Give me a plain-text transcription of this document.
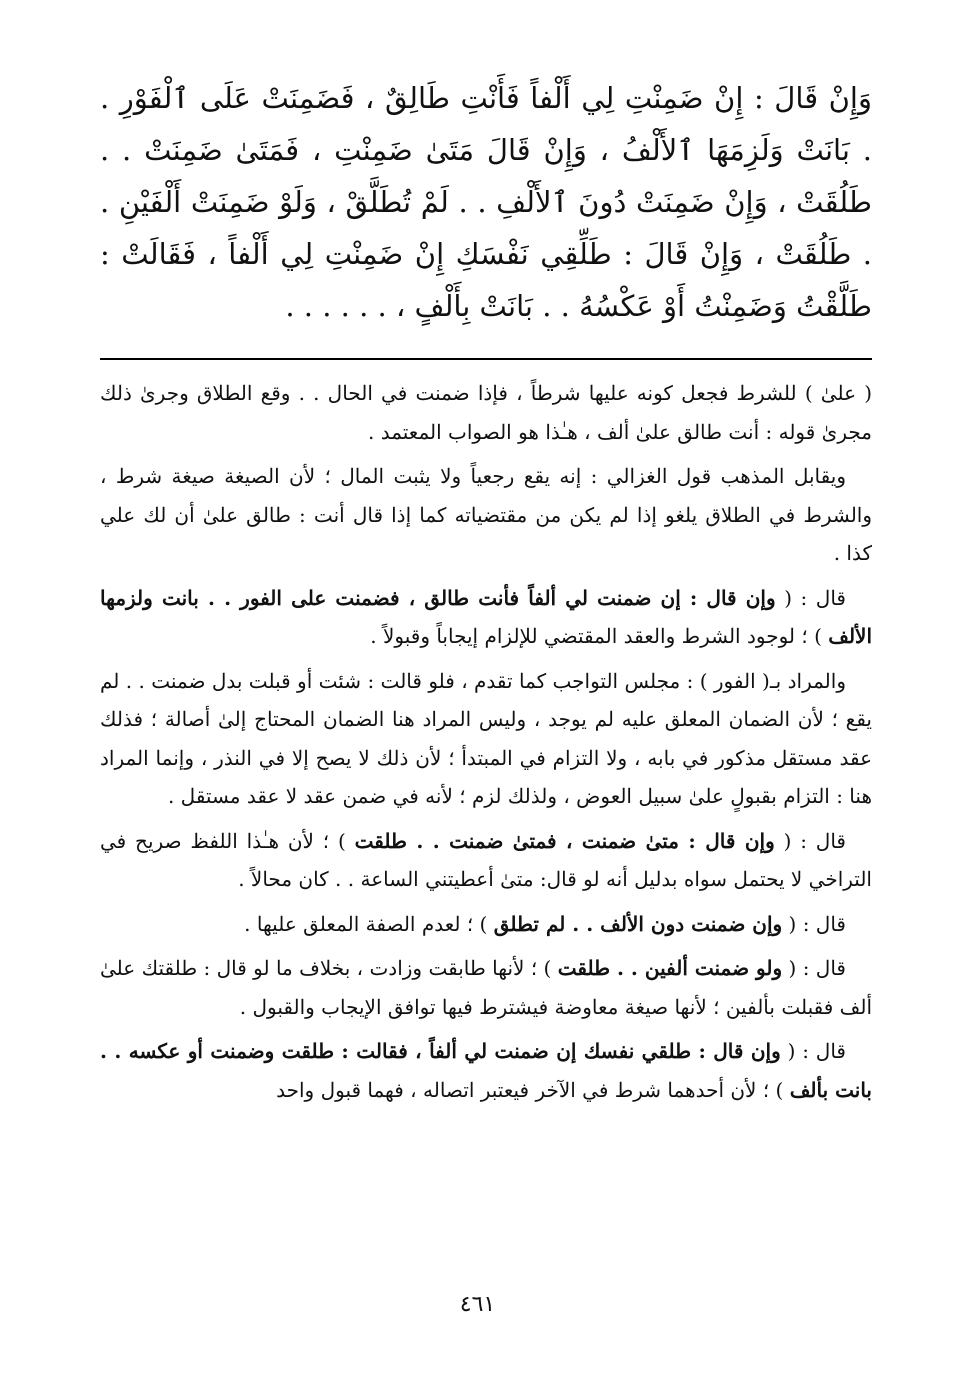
وَإِنْ قَالَ : إِنْ ضَمِنْتِ لِي أَلْفاً فَأَنْتِ طَالِقٌ ، فَضَمِنَتْ عَلَى ٱلْفَوْرِ . . بَانَتْ وَلَزِمَهَا ٱلأَلْفُ ، وَإِنْ قَالَ مَتَىٰ ضَمِنْتِ ، فَمَتَىٰ ضَمِنَتْ . . طَلُقَتْ ، وَإِنْ ضَمِنَتْ دُونَ ٱلأَلْفِ . . لَمْ تُطَلَّقْ ، وَلَوْ ضَمِنَتْ أَلْفَيْنِ . . طَلُقَتْ ، وَإِنْ قَالَ : طَلِّقِي نَفْسَكِ إِنْ ضَمِنْتِ لِي أَلْفاً ، فَقَالَتْ : طَلَّقْتُ وَضَمِنْتُ أَوْ عَكْسُهُ . . بَانَتْ بِأَلْفٍ ، . . . . . .

( علىٰ ) للشرط فجعل كونه عليها شرطاً ، فإذا ضمنت في الحال . . وقع الطلاق وجرىٰ ذلك مجرىٰ قوله : أنت طالق علىٰ ألف ، هـٰذا هو الصواب المعتمد .

ويقابل المذهب قول الغزالي : إنه يقع رجعياً ولا يثبت المال ؛ لأن الصيغة صيغة شرط ، والشرط في الطلاق يلغو إذا لم يكن من مقتضياته كما إذا قال أنت : طالق علىٰ أن لك علي كذا .

قال : ( وإن قال : إن ضمنت لي ألفاً فأنت طالق ، فضمنت على الفور . . بانت ولزمها الألف ) ؛ لوجود الشرط والعقد المقتضي للإلزام إيجاباً وقبولاً .

والمراد بـ( الفور ) : مجلس التواجب كما تقدم ، فلو قالت : شئت أو قبلت بدل ضمنت . . لم يقع ؛ لأن الضمان المعلق عليه لم يوجد ، وليس المراد هنا الضمان المحتاج إلىٰ أصالة ؛ فذلك عقد مستقل مذكور في بابه ، ولا التزام في المبتدأ ؛ لأن ذلك لا يصح إلا في النذر ، وإنما المراد هنا : التزام بقبولٍ علىٰ سبيل العوض ، ولذلك لزم ؛ لأنه في ضمن عقد لا عقد مستقل .

قال : ( وإن قال : متىٰ ضمنت ، فمتىٰ ضمنت . . طلقت ) ؛ لأن هـٰذا اللفظ صريح في التراخي لا يحتمل سواه بدليل أنه لو قال: متىٰ أعطيتني الساعة . . كان محالاً .

قال : ( وإن ضمنت دون الألف . . لم تطلق ) ؛ لعدم الصفة المعلق عليها .

قال : ( ولو ضمنت ألفين . . طلقت ) ؛ لأنها طابقت وزادت ، بخلاف ما لو قال : طلقتك علىٰ ألف فقبلت بألفين ؛ لأنها صيغة معاوضة فيشترط فيها توافق الإيجاب والقبول .

قال : ( وإن قال : طلقي نفسك إن ضمنت لي ألفاً ، فقالت : طلقت وضمنت أو عكسه . . بانت بألف ) ؛ لأن أحدهما شرط في الآخر فيعتبر اتصاله ، فهما قبول واحد

٤٦١
